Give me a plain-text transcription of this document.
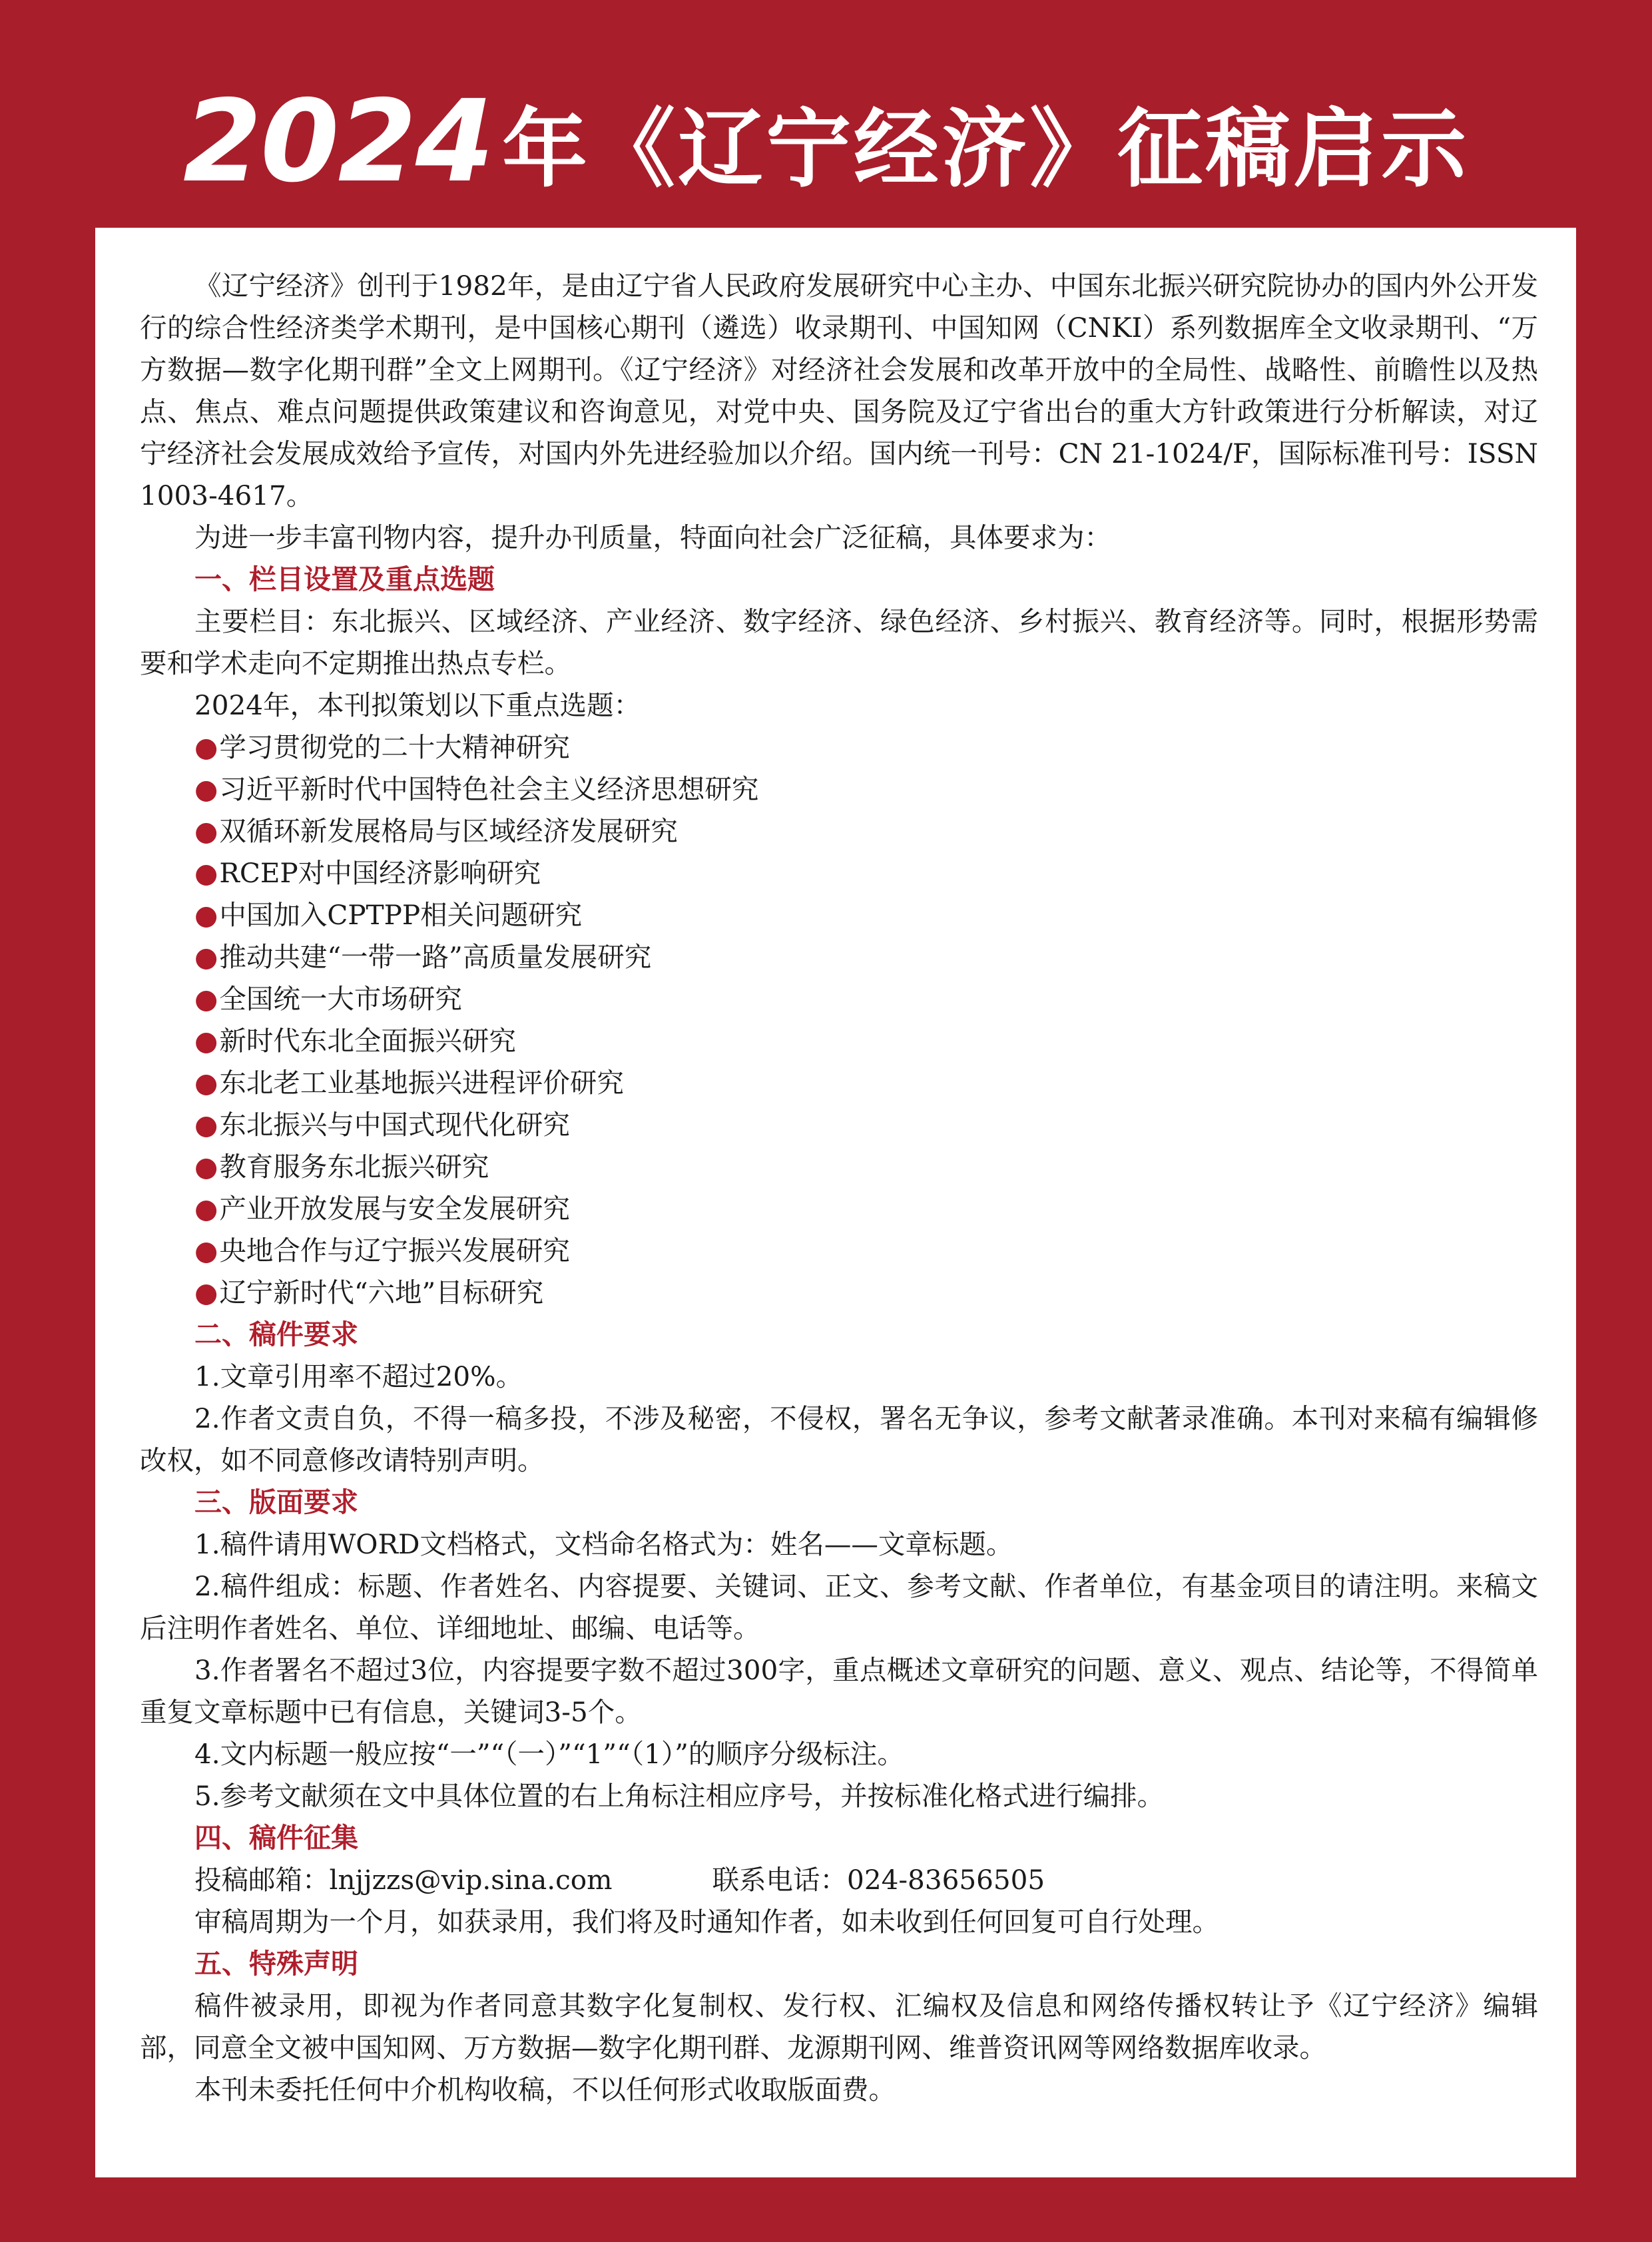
2024 年《辽宁经济》征稿启示

《辽宁经济》创刊于1982年，是由辽宁省人民政府发展研究中心主办、中国东北振兴研究院协办的国内外公开发行的综合性经济类学术期刊，是中国核心期刊（遴选）收录期刊、中国知网（CNKI）系列数据库全文收录期刊、“万方数据—数字化期刊群”全文上网期刊。《辽宁经济》对经济社会发展和改革开放中的全局性、战略性、前瞻性以及热点、焦点、难点问题提供政策建议和咨询意见，对党中央、国务院及辽宁省出台的重大方针政策进行分析解读，对辽宁经济社会发展成效给予宣传，对国内外先进经验加以介绍。国内统一刊号：CN 21-1024/F，国际标准刊号：ISSN 1003-4617。

为进一步丰富刊物内容，提升办刊质量，特面向社会广泛征稿，具体要求为：

一、栏目设置及重点选题

主要栏目：东北振兴、区域经济、产业经济、数字经济、绿色经济、乡村振兴、教育经济等。同时，根据形势需要和学术走向不定期推出热点专栏。

2024年，本刊拟策划以下重点选题：

●学习贯彻党的二十大精神研究

●习近平新时代中国特色社会主义经济思想研究

●双循环新发展格局与区域经济发展研究

●RCEP对中国经济影响研究

●中国加入CPTPP相关问题研究

●推动共建“一带一路”高质量发展研究

●全国统一大市场研究

●新时代东北全面振兴研究

●东北老工业基地振兴进程评价研究

●东北振兴与中国式现代化研究

●教育服务东北振兴研究

●产业开放发展与安全发展研究

●央地合作与辽宁振兴发展研究

●辽宁新时代“六地”目标研究

二、稿件要求

1.文章引用率不超过20%。

2.作者文责自负，不得一稿多投，不涉及秘密，不侵权，署名无争议，参考文献著录准确。本刊对来稿有编辑修改权，如不同意修改请特别声明。

三、版面要求

1.稿件请用WORD文档格式，文档命名格式为：姓名——文章标题。

2.稿件组成：标题、作者姓名、内容提要、关键词、正文、参考文献、作者单位，有基金项目的请注明。来稿文后注明作者姓名、单位、详细地址、邮编、电话等。

3.作者署名不超过3位，内容提要字数不超过300字，重点概述文章研究的问题、意义、观点、结论等，不得简单重复文章标题中已有信息，关键词3-5个。

4.文内标题一般应按“一”“（一）”“1”“（1）”的顺序分级标注。

5.参考文献须在文中具体位置的右上角标注相应序号，并按标准化格式进行编排。

四、稿件征集

投稿邮箱：lnjjzzs@vip.sina.com	联系电话：024-83656505

审稿周期为一个月，如获录用，我们将及时通知作者，如未收到任何回复可自行处理。

五、特殊声明

稿件被录用，即视为作者同意其数字化复制权、发行权、汇编权及信息和网络传播权转让予《辽宁经济》编辑部，同意全文被中国知网、万方数据—数字化期刊群、龙源期刊网、维普资讯网等网络数据库收录。

本刊未委托任何中介机构收稿，不以任何形式收取版面费。
